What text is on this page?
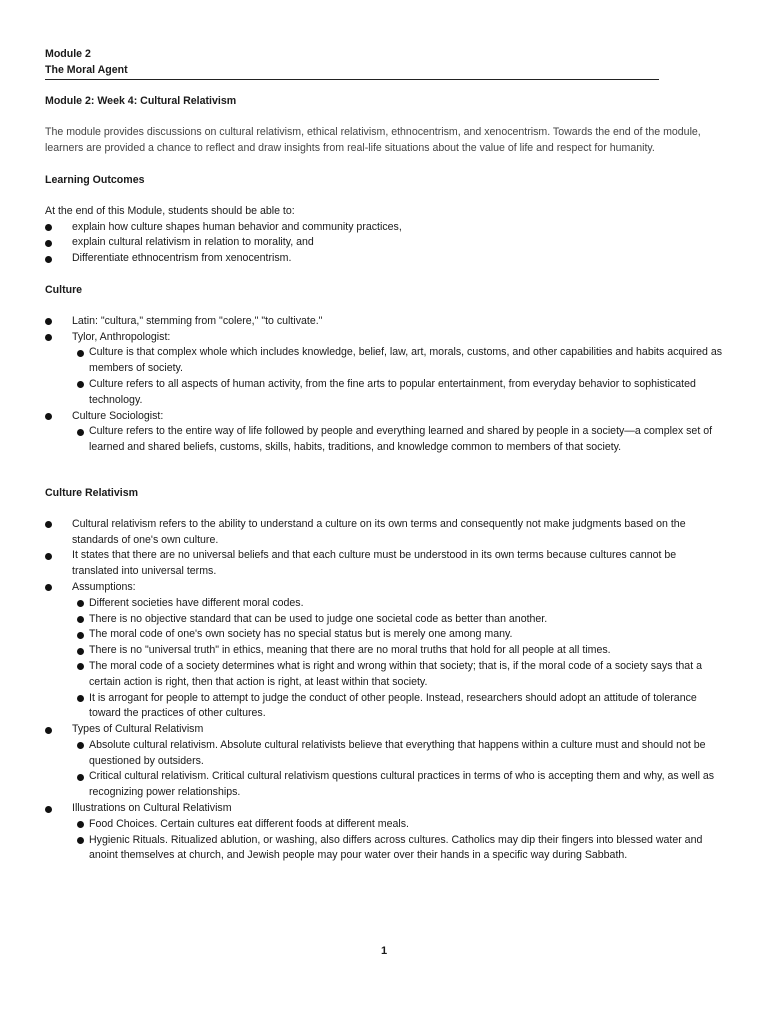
Module 2
The Moral Agent
Module 2: Week 4: Cultural Relativism

The module provides discussions on cultural relativism, ethical relativism, ethnocentrism, and xenocentrism. Towards the end of the module, learners are provided a chance to reflect and draw insights from real-life situations about the value of life and respect for humanity.

Learning Outcomes
At the end of this Module, students should be able to:
explain how culture shapes human behavior and community practices,
explain cultural relativism in relation to morality, and
Differentiate ethnocentrism from xenocentrism.
Culture
Latin: "cultura," stemming from "colere," "to cultivate."
Tylor, Anthropologist:
Culture is that complex whole which includes knowledge, belief, law, art, morals, customs, and other capabilities and habits acquired as members of society.
Culture refers to all aspects of human activity, from the fine arts to popular entertainment, from everyday behavior to sophisticated technology.
Culture Sociologist:
Culture refers to the entire way of life followed by people and everything learned and shared by people in a society—a complex set of learned and shared beliefs, customs, skills, habits, traditions, and knowledge common to members of that society.
Culture Relativism
Cultural relativism refers to the ability to understand a culture on its own terms and consequently not make judgments based on the standards of one's own culture.
It states that there are no universal beliefs and that each culture must be understood in its own terms because cultures cannot be translated into universal terms.
Assumptions:
Different societies have different moral codes.
There is no objective standard that can be used to judge one societal code as better than another.
The moral code of one's own society has no special status but is merely one among many.
There is no "universal truth" in ethics, meaning that there are no moral truths that hold for all people at all times.
The moral code of a society determines what is right and wrong within that society; that is, if the moral code of a society says that a certain action is right, then that action is right, at least within that society.
It is arrogant for people to attempt to judge the conduct of other people. Instead, researchers should adopt an attitude of tolerance toward the practices of other cultures.
Types of Cultural Relativism
Absolute cultural relativism. Absolute cultural relativists believe that everything that happens within a culture must and should not be questioned by outsiders.
Critical cultural relativism. Critical cultural relativism questions cultural practices in terms of who is accepting them and why, as well as recognizing power relationships.
Illustrations on Cultural Relativism
Food Choices. Certain cultures eat different foods at different meals.
Hygienic Rituals. Ritualized ablution, or washing, also differs across cultures. Catholics may dip their fingers into blessed water and anoint themselves at church, and Jewish people may pour water over their hands in a specific way during Sabbath.
1
